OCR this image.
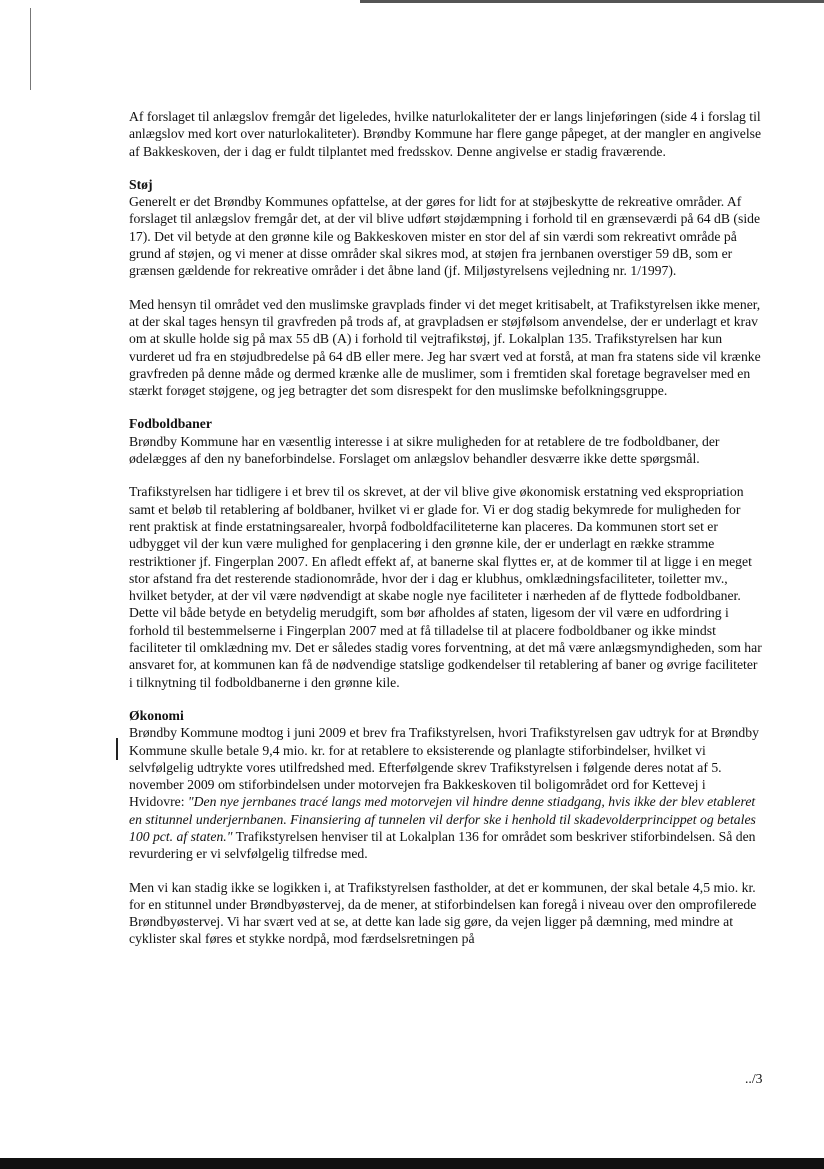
Af forslaget til anlægslov fremgår det ligeledes, hvilke naturlokaliteter der er langs linjeføringen (side 4 i forslag til anlægslov med kort over naturlokaliteter). Brøndby Kommune har flere gange påpeget, at der mangler en angivelse af Bakkeskoven, der i dag er fuldt tilplantet med fredsskov. Denne angivelse er stadig fraværende.

Støj

Generelt er det Brøndby Kommunes opfattelse, at der gøres for lidt for at støjbeskytte de rekreative områder. Af forslaget til anlægslov fremgår det, at der vil blive udført støjdæmpning i forhold til en grænseværdi på 64 dB (side 17). Det vil betyde at den grønne kile og Bakkeskoven mister en stor del af sin værdi som rekreativt område på grund af støjen, og vi mener at disse områder skal sikres mod, at støjen fra jernbanen overstiger 59 dB, som er grænsen gældende for rekreative områder i det åbne land (jf. Miljøstyrelsens vejledning nr. 1/1997).

Med hensyn til området ved den muslimske gravplads finder vi det meget kritisabelt, at Trafikstyrelsen ikke mener, at der skal tages hensyn til gravfreden på trods af, at gravpladsen er støjfølsom anvendelse, der er underlagt et krav om at skulle holde sig på max 55 dB (A) i forhold til vejtrafikstøj, jf. Lokalplan 135. Trafikstyrelsen har kun vurderet ud fra en støjudbredelse på 64 dB eller mere. Jeg har svært ved at forstå, at man fra statens side vil krænke gravfreden på denne måde og dermed krænke alle de muslimer, som i fremtiden skal foretage begravelser med en stærkt forøget støjgene, og jeg betragter det som disrespekt for den muslimske befolkningsgruppe.

Fodboldbaner

Brøndby Kommune har en væsentlig interesse i at sikre muligheden for at retablere de tre fodboldbaner, der ødelægges af den ny baneforbindelse. Forslaget om anlægslov behandler desværre ikke dette spørgsmål.

Trafikstyrelsen har tidligere i et brev til os skrevet, at der vil blive give økonomisk erstatning ved ekspropriation samt et beløb til retablering af boldbaner, hvilket vi er glade for. Vi er dog stadig bekymrede for muligheden for rent praktisk at finde erstatningsarealer, hvorpå fodboldfaciliteterne kan placeres. Da kommunen stort set er udbygget vil der kun være mulighed for genplacering i den grønne kile, der er underlagt en række stramme restriktioner jf. Fingerplan 2007. En afledt effekt af, at banerne skal flyttes er, at de kommer til at ligge i en meget stor afstand fra det resterende stadionområde, hvor der i dag er klubhus, omklædningsfaciliteter, toiletter mv., hvilket betyder, at der vil være nødvendigt at skabe nogle nye faciliteter i nærheden af de flyttede fodboldbaner. Dette vil både betyde en betydelig merudgift, som bør afholdes af staten, ligesom der vil være en udfordring i forhold til bestemmelserne i Fingerplan 2007 med at få tilladelse til at placere fodboldbaner og ikke mindst faciliteter til omklædning mv. Det er således stadig vores forventning, at det må være anlægsmyndigheden, som har ansvaret for, at kommunen kan få de nødvendige statslige godkendelser til retablering af baner og øvrige faciliteter i tilknytning til fodboldbanerne i den grønne kile.

Økonomi

Brøndby Kommune modtog i juni 2009 et brev fra Trafikstyrelsen, hvori Trafikstyrelsen gav udtryk for at Brøndby Kommune skulle betale 9,4 mio. kr. for at retablere to eksisterende og planlagte stiforbindelser, hvilket vi selvfølgelig udtrykte vores utilfredshed med. Efterfølgende skrev Trafikstyrelsen i følgende deres notat af 5. november 2009 om stiforbindelsen under motorvejen fra Bakkeskoven til boligområdet ord for Kettevej i Hvidovre: "Den nye jernbanes tracé langs med motorvejen vil hindre denne stiadgang, hvis ikke der blev etableret en stitunnel underjernbanen. Finansiering af tunnelen vil derfor ske i henhold til skadevolderprincippet og betales 100 pct. af staten." Trafikstyrelsen henviser til at Lokalplan 136 for området som beskriver stiforbindelsen. Så den revurdering er vi selvfølgelig tilfredse med.

Men vi kan stadig ikke se logikken i, at Trafikstyrelsen fastholder, at det er kommunen, der skal betale 4,5 mio. kr. for en stitunnel under Brøndbyøstervej, da de mener, at stiforbindelsen kan foregå i niveau over den omprofilerede Brøndbyøstervej. Vi har svært ved at se, at dette kan lade sig gøre, da vejen ligger på dæmning, med mindre at cyklister skal føres et stykke nordpå, mod færdselsretningen på

../3
